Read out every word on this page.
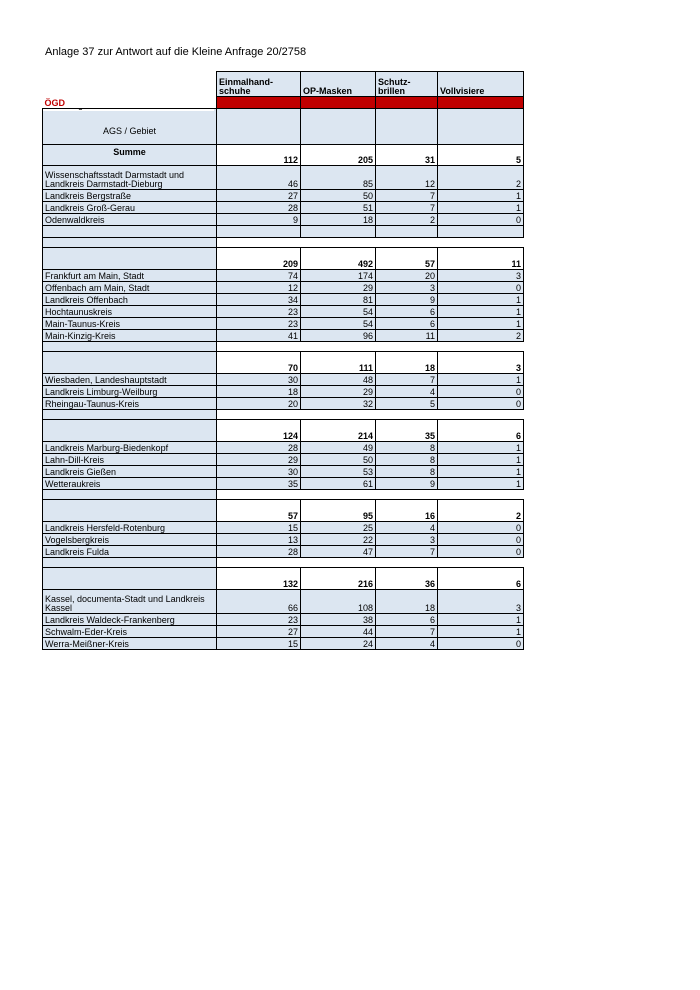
Anlage 37 zur Antwort auf die Kleine Anfrage 20/2758
	Einmalhand-schuhe	OP-Masken	Schutz-brillen	Vollvisiere
ÖGD				

AGS / Gebiet				
Summe	112	205	31	5
Wissenschaftsstadt Darmstadt und Landkreis Darmstadt-Dieburg	46	85	12	2
Landkreis Bergstraße	27	50	7	1
Landkreis Groß-Gerau	28	51	7	1
Odenwaldkreis	9	18	2	0

	209	492	57	11
Frankfurt am Main, Stadt	74	174	20	3
Offenbach am Main, Stadt	12	29	3	0
Landkreis Offenbach	34	81	9	1
Hochtaunuskreis	23	54	6	1
Main-Taunus-Kreis	23	54	6	1
Main-Kinzig-Kreis	41	96	11	2

	70	111	18	3
Wiesbaden, Landeshauptstadt	30	48	7	1
Landkreis Limburg-Weilburg	18	29	4	0
Rheingau-Taunus-Kreis	20	32	5	0

	124	214	35	6
Landkreis Marburg-Biedenkopf	28	49	8	1
Lahn-Dill-Kreis	29	50	8	1
Landkreis Gießen	30	53	8	1
Wetteraukreis	35	61	9	1

	57	95	16	2
Landkreis Hersfeld-Rotenburg	15	25	4	0
Vogelsbergkreis	13	22	3	0
Landkreis Fulda	28	47	7	0

	132	216	36	6
Kassel, documenta-Stadt und Landkreis Kassel	66	108	18	3
Landkreis Waldeck-Frankenberg	23	38	6	1
Schwalm-Eder-Kreis	27	44	7	1
Werra-Meißner-Kreis	15	24	4	0
